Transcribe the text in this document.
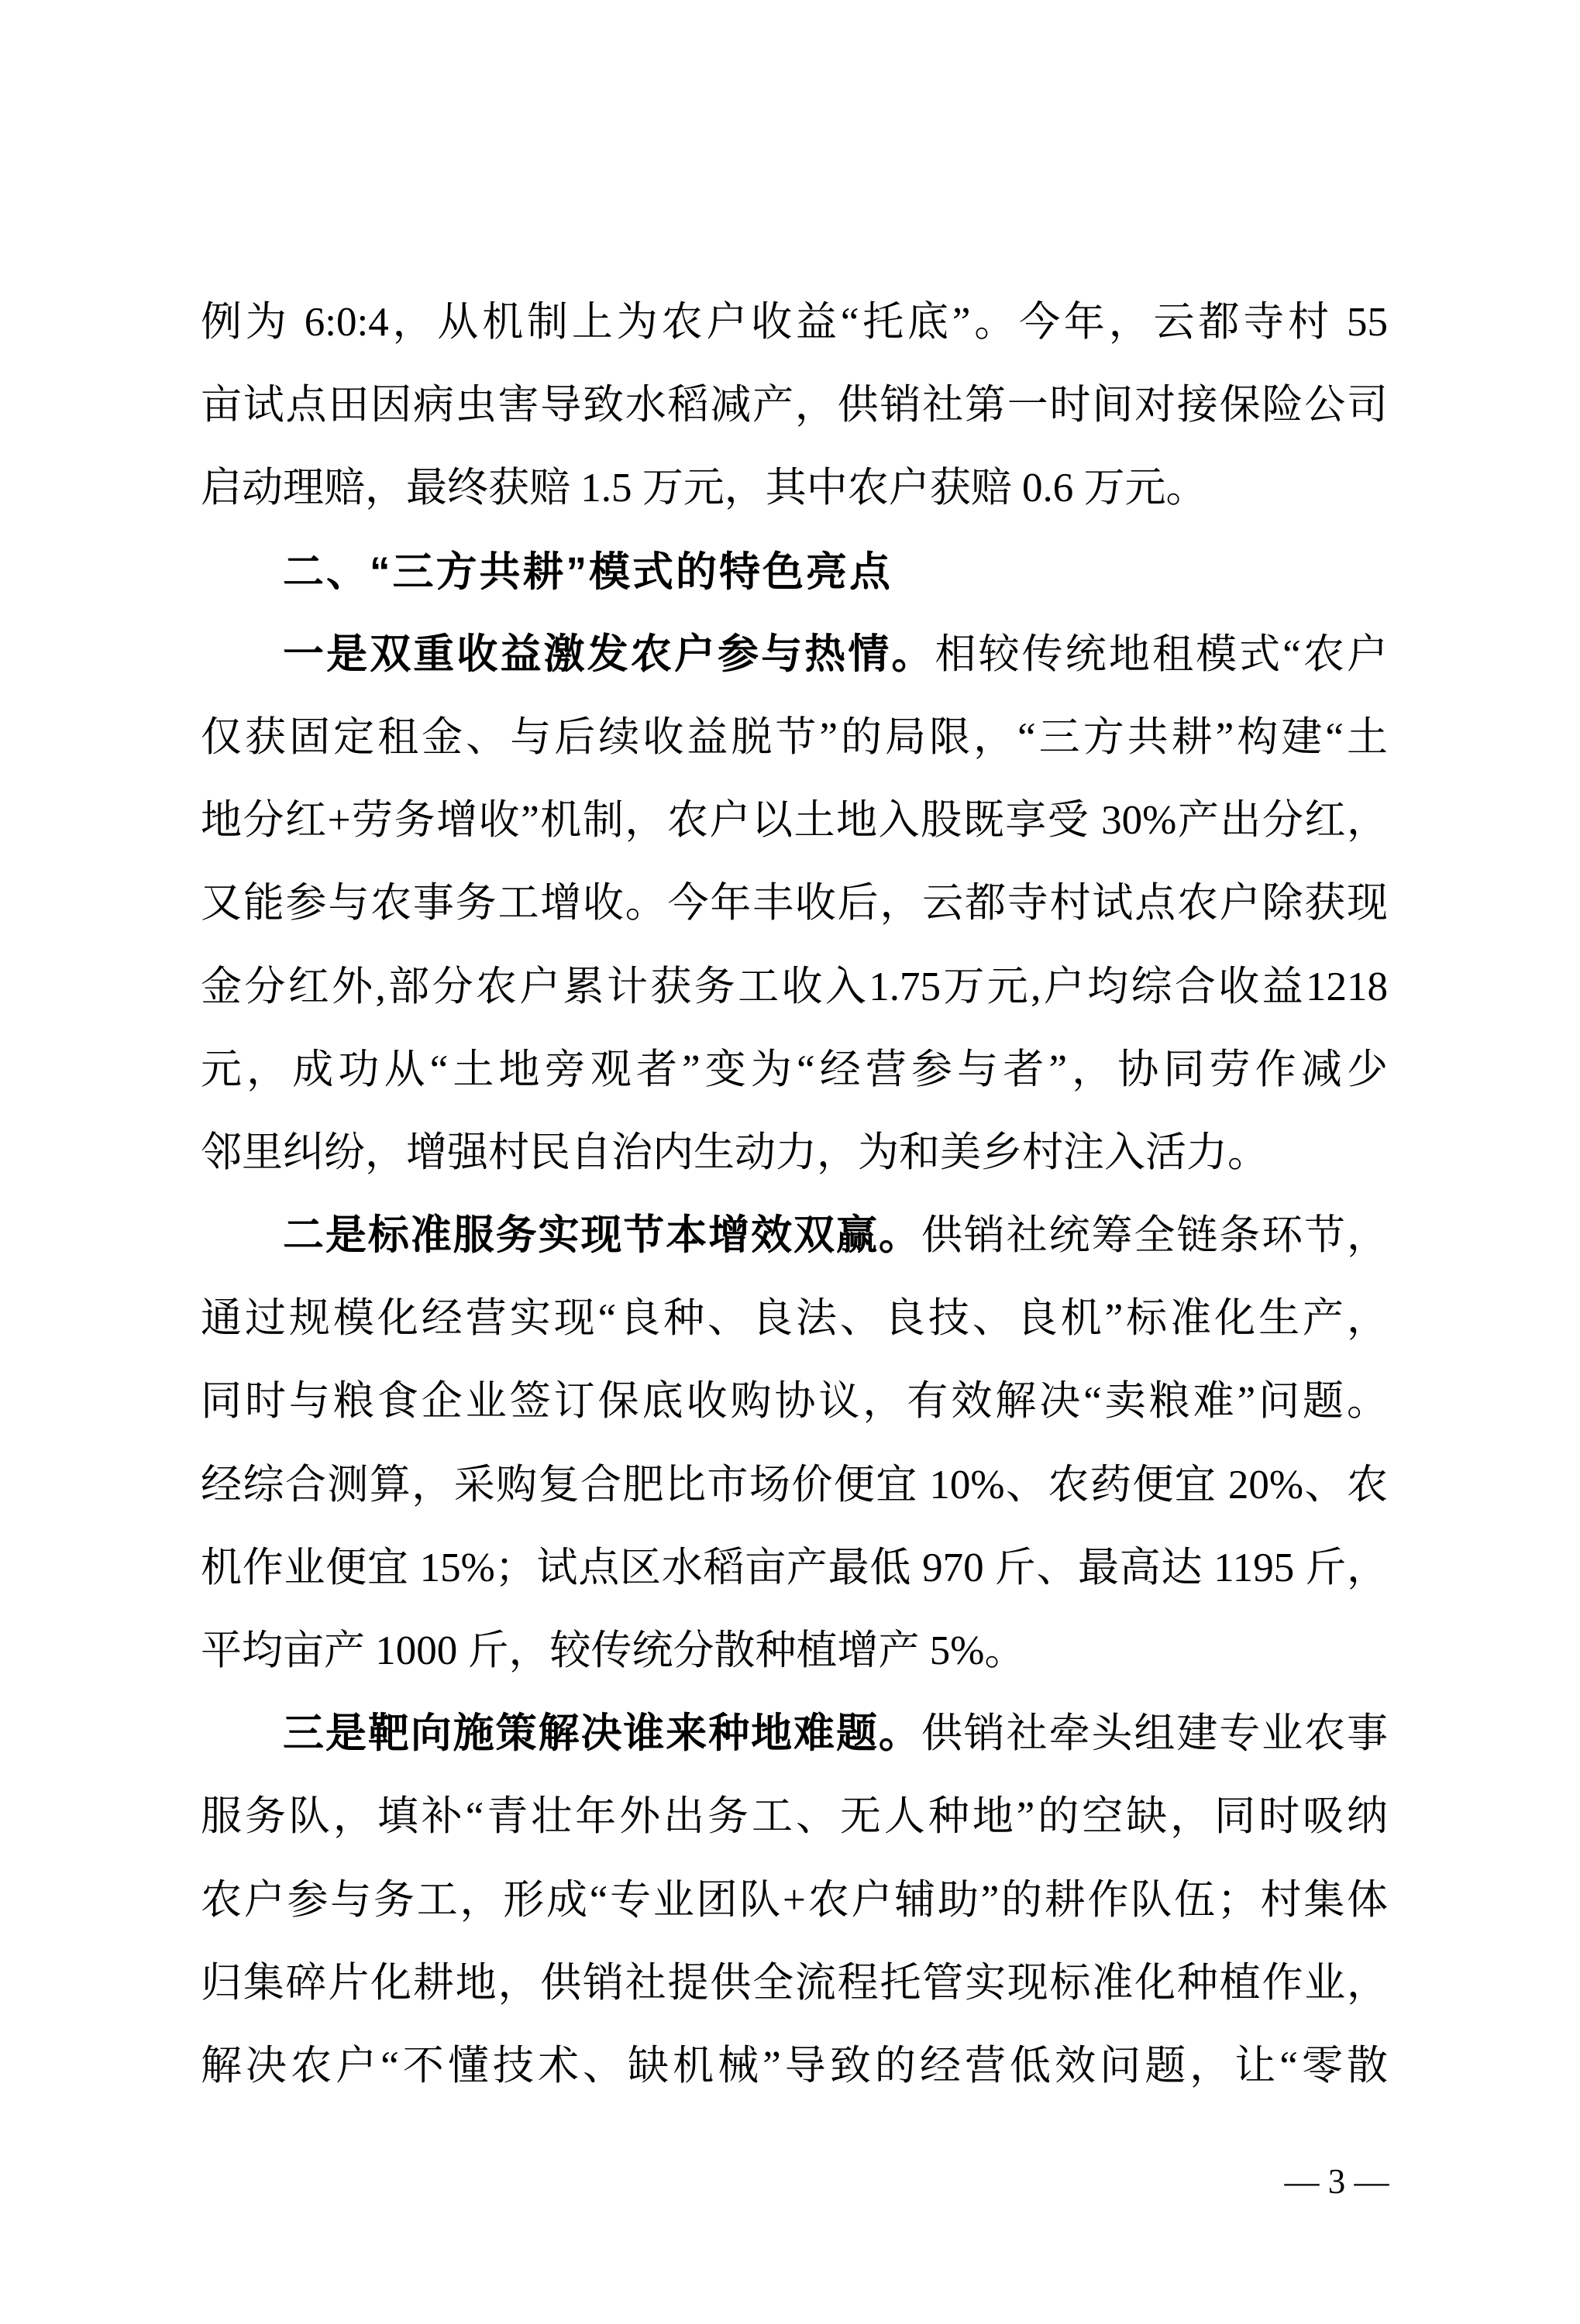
例为 6:0:4，从机制上为农户收益“托底”。今年，云都寺村 55
亩试点田因病虫害导致水稻减产，供销社第一时间对接保险公司
启动理赔，最终获赔 1.5 万元，其中农户获赔 0.6 万元。
二、“三方共耕”模式的特色亮点
一是双重收益激发农户参与热情。相较传统地租模式“农户
仅获固定租金、与后续收益脱节”的局限，“三方共耕”构建“土
地分红+劳务增收”机制，农户以土地入股既享受 30%产出分红，
又能参与农事务工增收。今年丰收后，云都寺村试点农户除获现
金分红外,部分农户累计获务工收入1.75万元,户均综合收益1218
元，成功从“土地旁观者”变为“经营参与者”，协同劳作减少
邻里纠纷，增强村民自治内生动力，为和美乡村注入活力。
二是标准服务实现节本增效双赢。供销社统筹全链条环节，
通过规模化经营实现“良种、良法、良技、良机”标准化生产，
同时与粮食企业签订保底收购协议，有效解决“卖粮难”问题。
经综合测算，采购复合肥比市场价便宜 10%、农药便宜 20%、农
机作业便宜 15%；试点区水稻亩产最低 970 斤、最高达 1195 斤，
平均亩产 1000 斤，较传统分散种植增产 5%。
三是靶向施策解决谁来种地难题。供销社牵头组建专业农事
服务队，填补“青壮年外出务工、无人种地”的空缺，同时吸纳
农户参与务工，形成“专业团队+农户辅助”的耕作队伍；村集体
归集碎片化耕地，供销社提供全流程托管实现标准化种植作业，
解决农户“不懂技术、缺机械”导致的经营低效问题，让“零散
— 3 —
